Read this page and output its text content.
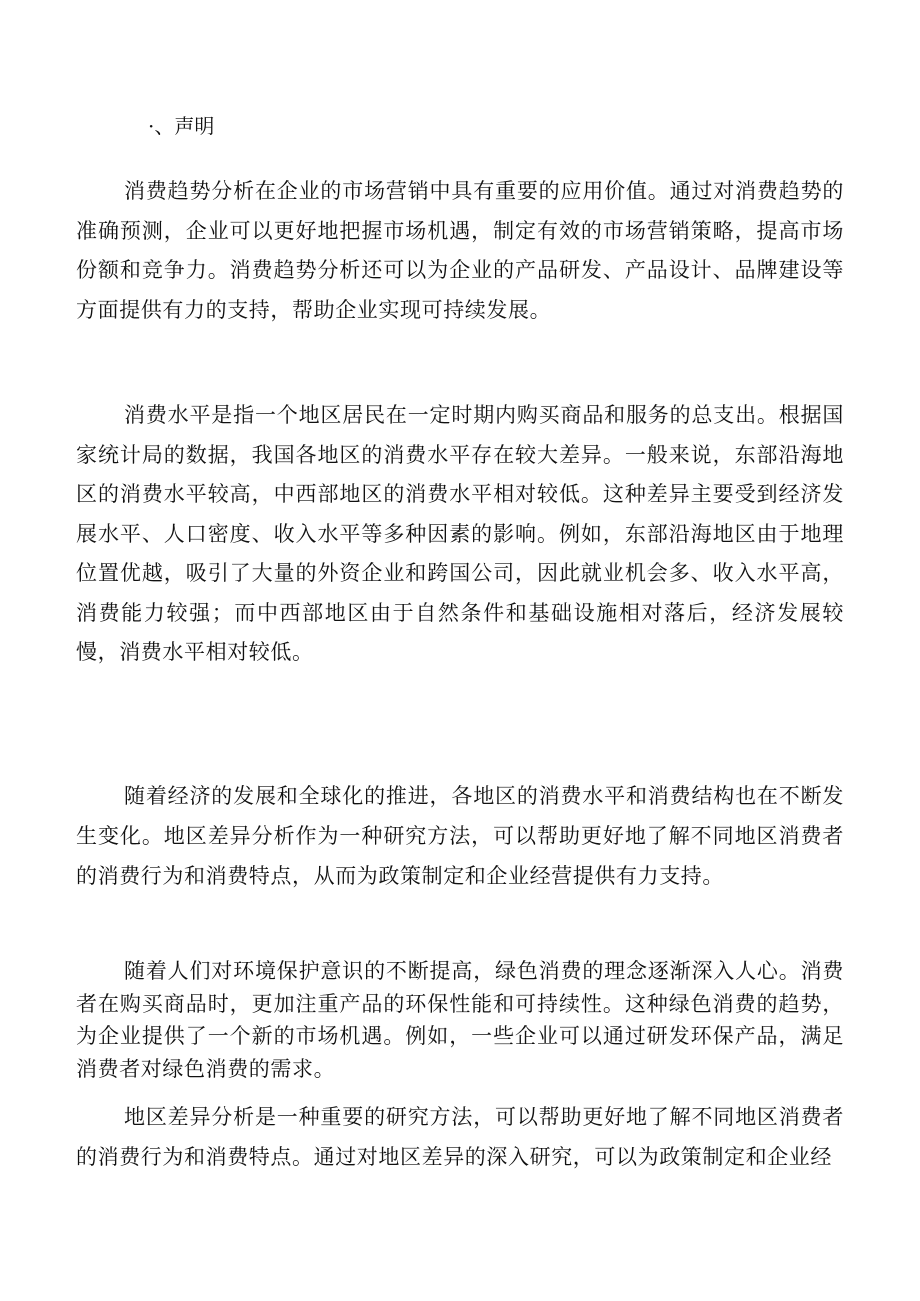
·、声明

消费趋势分析在企业的市场营销中具有重要的应用价值。通过对消费趋势的准确预测，企业可以更好地把握市场机遇，制定有效的市场营销策略，提高市场份额和竞争力。消费趋势分析还可以为企业的产品研发、产品设计、品牌建设等方面提供有力的支持，帮助企业实现可持续发展。

消费水平是指一个地区居民在一定时期内购买商品和服务的总支出。根据国家统计局的数据，我国各地区的消费水平存在较大差异。一般来说，东部沿海地区的消费水平较高，中西部地区的消费水平相对较低。这种差异主要受到经济发展水平、人口密度、收入水平等多种因素的影响。例如，东部沿海地区由于地理位置优越，吸引了大量的外资企业和跨国公司，因此就业机会多、收入水平高，消费能力较强；而中西部地区由于自然条件和基础设施相对落后，经济发展较慢，消费水平相对较低。

随着经济的发展和全球化的推进，各地区的消费水平和消费结构也在不断发生变化。地区差异分析作为一种研究方法，可以帮助更好地了解不同地区消费者的消费行为和消费特点，从而为政策制定和企业经营提供有力支持。

随着人们对环境保护意识的不断提高，绿色消费的理念逐渐深入人心。消费者在购买商品时，更加注重产品的环保性能和可持续性。这种绿色消费的趋势，为企业提供了一个新的市场机遇。例如，一些企业可以通过研发环保产品，满足消费者对绿色消费的需求。

地区差异分析是一种重要的研究方法，可以帮助更好地了解不同地区消费者的消费行为和消费特点。通过对地区差异的深入研究，可以为政策制定和企业经
